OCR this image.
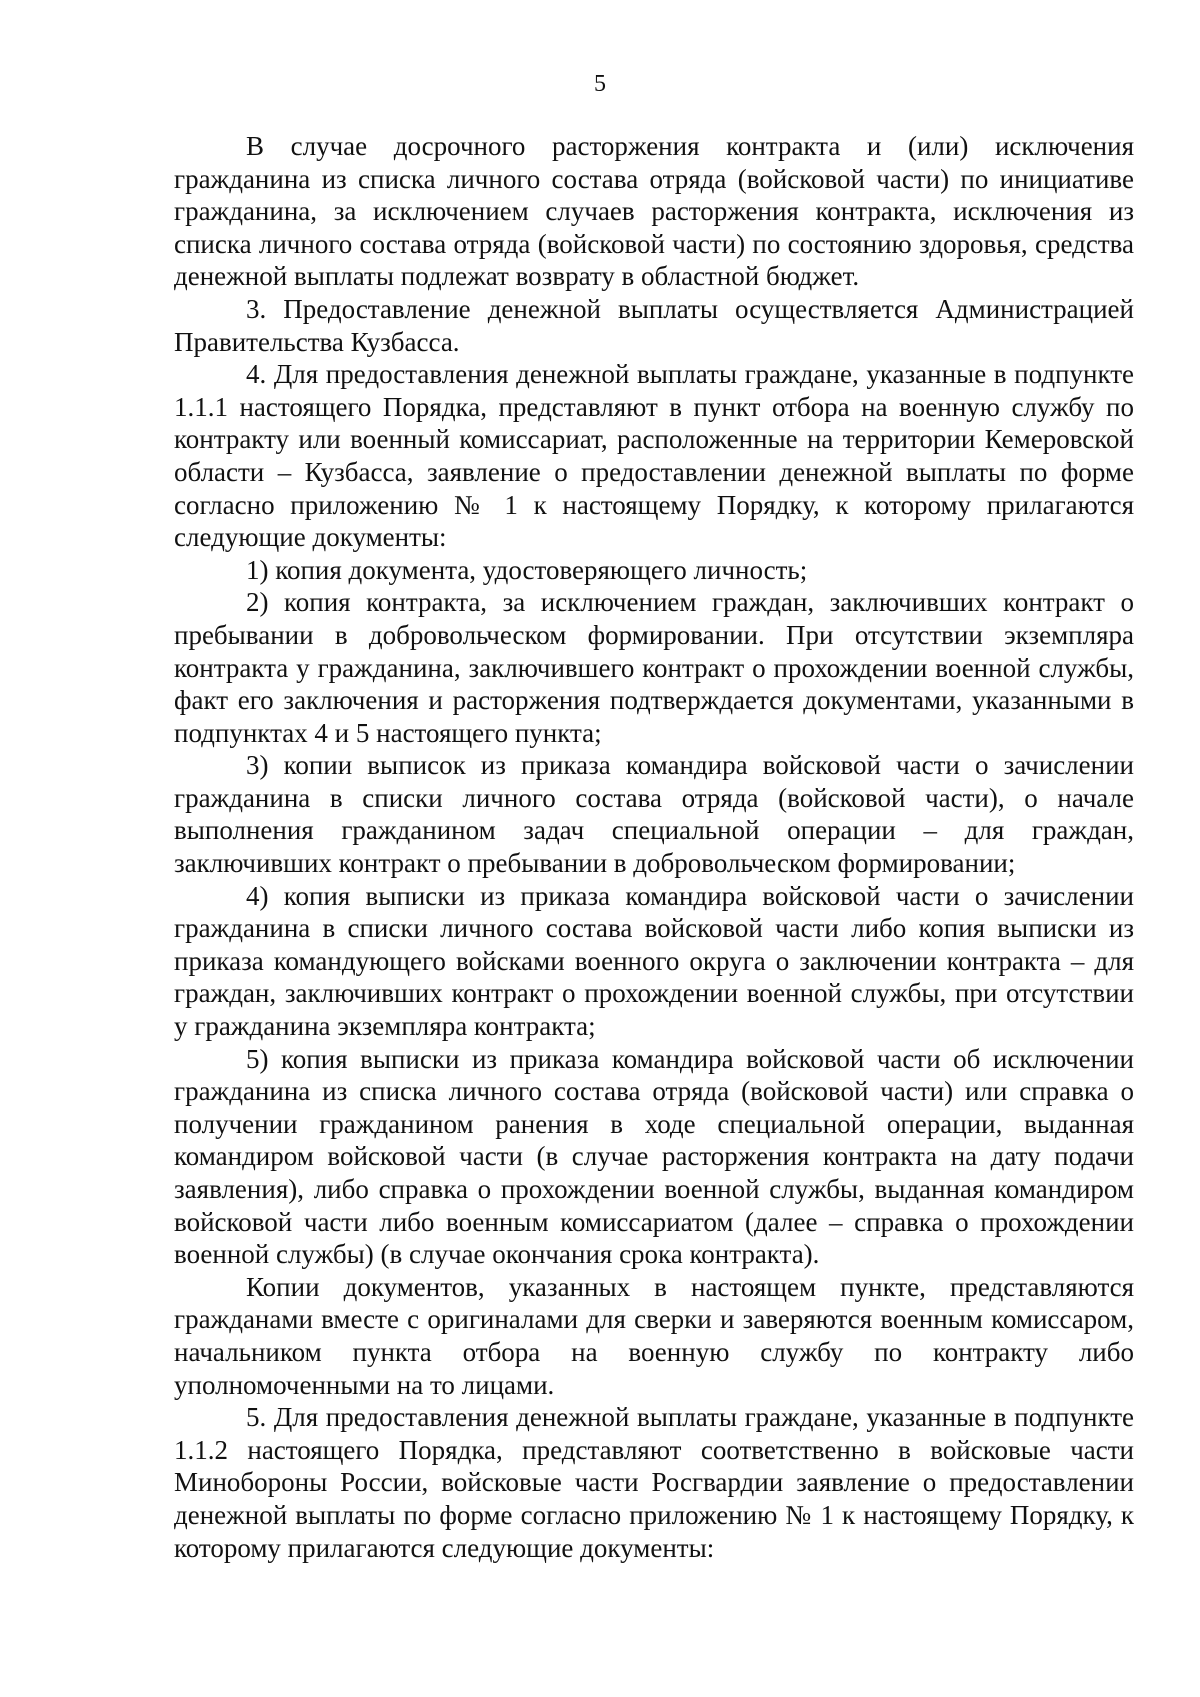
5

В случае досрочного расторжения контракта и (или) исключения гражданина из списка личного состава отряда (войсковой части) по инициативе гражданина, за исключением случаев расторжения контракта, исключения из списка личного состава отряда (войсковой части) по состоянию здоровья, средства денежной выплаты подлежат возврату в областной бюджет.

3. Предоставление денежной выплаты осуществляется Администрацией Правительства Кузбасса.

4. Для предоставления денежной выплаты граждане, указанные в подпункте 1.1.1 настоящего Порядка, представляют в пункт отбора на военную службу по контракту или военный комиссариат, расположенные на территории Кемеровской области – Кузбасса, заявление о предоставлении денежной выплаты по форме согласно приложению № 1 к настоящему Порядку, к которому прилагаются следующие документы:

1) копия документа, удостоверяющего личность;

2) копия контракта, за исключением граждан, заключивших контракт о пребывании в добровольческом формировании. При отсутствии экземпляра контракта у гражданина, заключившего контракт о прохождении военной службы, факт его заключения и расторжения подтверждается документами, указанными в подпунктах 4 и 5 настоящего пункта;

3) копии выписок из приказа командира войсковой части о зачислении гражданина в списки личного состава отряда (войсковой части), о начале выполнения гражданином задач специальной операции – для граждан, заключивших контракт о пребывании в добровольческом формировании;

4) копия выписки из приказа командира войсковой части о зачислении гражданина в списки личного состава войсковой части либо копия выписки из приказа командующего войсками военного округа о заключении контракта – для граждан, заключивших контракт о прохождении военной службы, при отсутствии у гражданина экземпляра контракта;

5) копия выписки из приказа командира войсковой части об исключении гражданина из списка личного состава отряда (войсковой части) или справка о получении гражданином ранения в ходе специальной операции, выданная командиром войсковой части (в случае расторжения контракта на дату подачи заявления), либо справка о прохождении военной службы, выданная командиром войсковой части либо военным комиссариатом (далее – справка о прохождении военной службы) (в случае окончания срока контракта).

Копии документов, указанных в настоящем пункте, представляются гражданами вместе с оригиналами для сверки и заверяются военным комиссаром, начальником пункта отбора на военную службу по контракту либо уполномоченными на то лицами.

5. Для предоставления денежной выплаты граждане, указанные в подпункте 1.1.2 настоящего Порядка, представляют соответственно в войсковые части Минобороны России, войсковые части Росгвардии заявление о предоставлении денежной выплаты по форме согласно приложению № 1 к настоящему Порядку, к которому прилагаются следующие документы:
